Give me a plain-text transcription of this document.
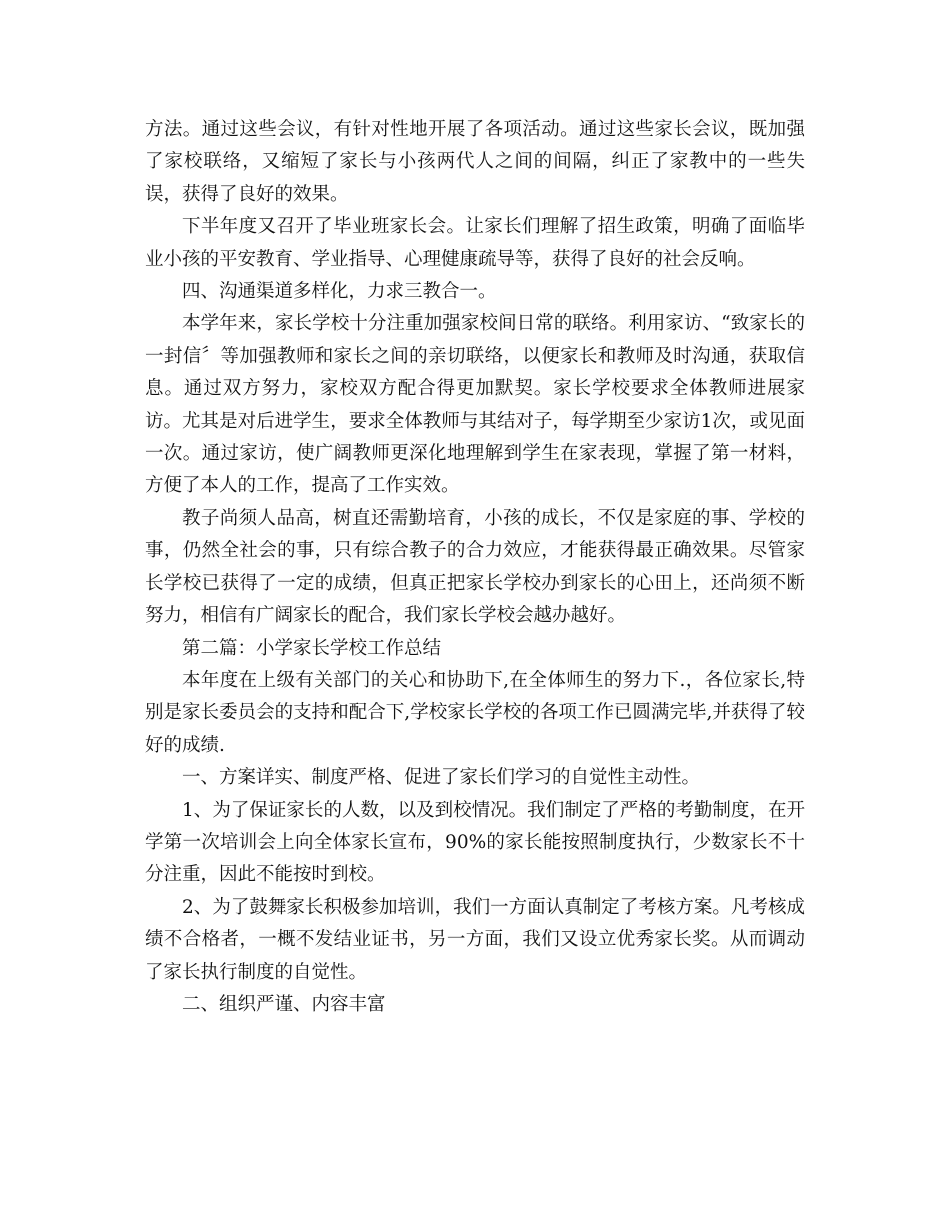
方法。通过这些会议，有针对性地开展了各项活动。通过这些家长会议，既加强了家校联络，又缩短了家长与小孩两代人之间的间隔，纠正了家教中的一些失误，获得了良好的效果。

下半年度又召开了毕业班家长会。让家长们理解了招生政策，明确了面临毕业小孩的平安教育、学业指导、心理健康疏导等，获得了良好的社会反响。

四、沟通渠道多样化，力求三教合一。

本学年来，家长学校十分注重加强家校间日常的联络。利用家访、“致家长的一封信〞等加强教师和家长之间的亲切联络，以便家长和教师及时沟通，获取信息。通过双方努力，家校双方配合得更加默契。家长学校要求全体教师进展家访。尤其是对后进学生，要求全体教师与其结对子，每学期至少家访1次，或见面一次。通过家访，使广阔教师更深化地理解到学生在家表现，掌握了第一材料，方便了本人的工作，提高了工作实效。

教子尚须人品高，树直还需勤培育，小孩的成长，不仅是家庭的事、学校的事，仍然全社会的事，只有综合教子的合力效应，才能获得最正确效果。尽管家长学校已获得了一定的成绩，但真正把家长学校办到家长的心田上，还尚须不断努力，相信有广阔家长的配合，我们家长学校会越办越好。

第二篇：小学家长学校工作总结

本年度在上级有关部门的关心和协助下,在全体师生的努力下.，各位家长,特别是家长委员会的支持和配合下,学校家长学校的各项工作已圆满完毕,并获得了较好的成绩.

一、方案详实、制度严格、促进了家长们学习的自觉性主动性。

1、为了保证家长的人数，以及到校情况。我们制定了严格的考勤制度，在开学第一次培训会上向全体家长宣布，90%的家长能按照制度执行，少数家长不十分注重，因此不能按时到校。

2、为了鼓舞家长积极参加培训，我们一方面认真制定了考核方案。凡考核成绩不合格者，一概不发结业证书，另一方面，我们又设立优秀家长奖。从而调动了家长执行制度的自觉性。

二、组织严谨、内容丰富
